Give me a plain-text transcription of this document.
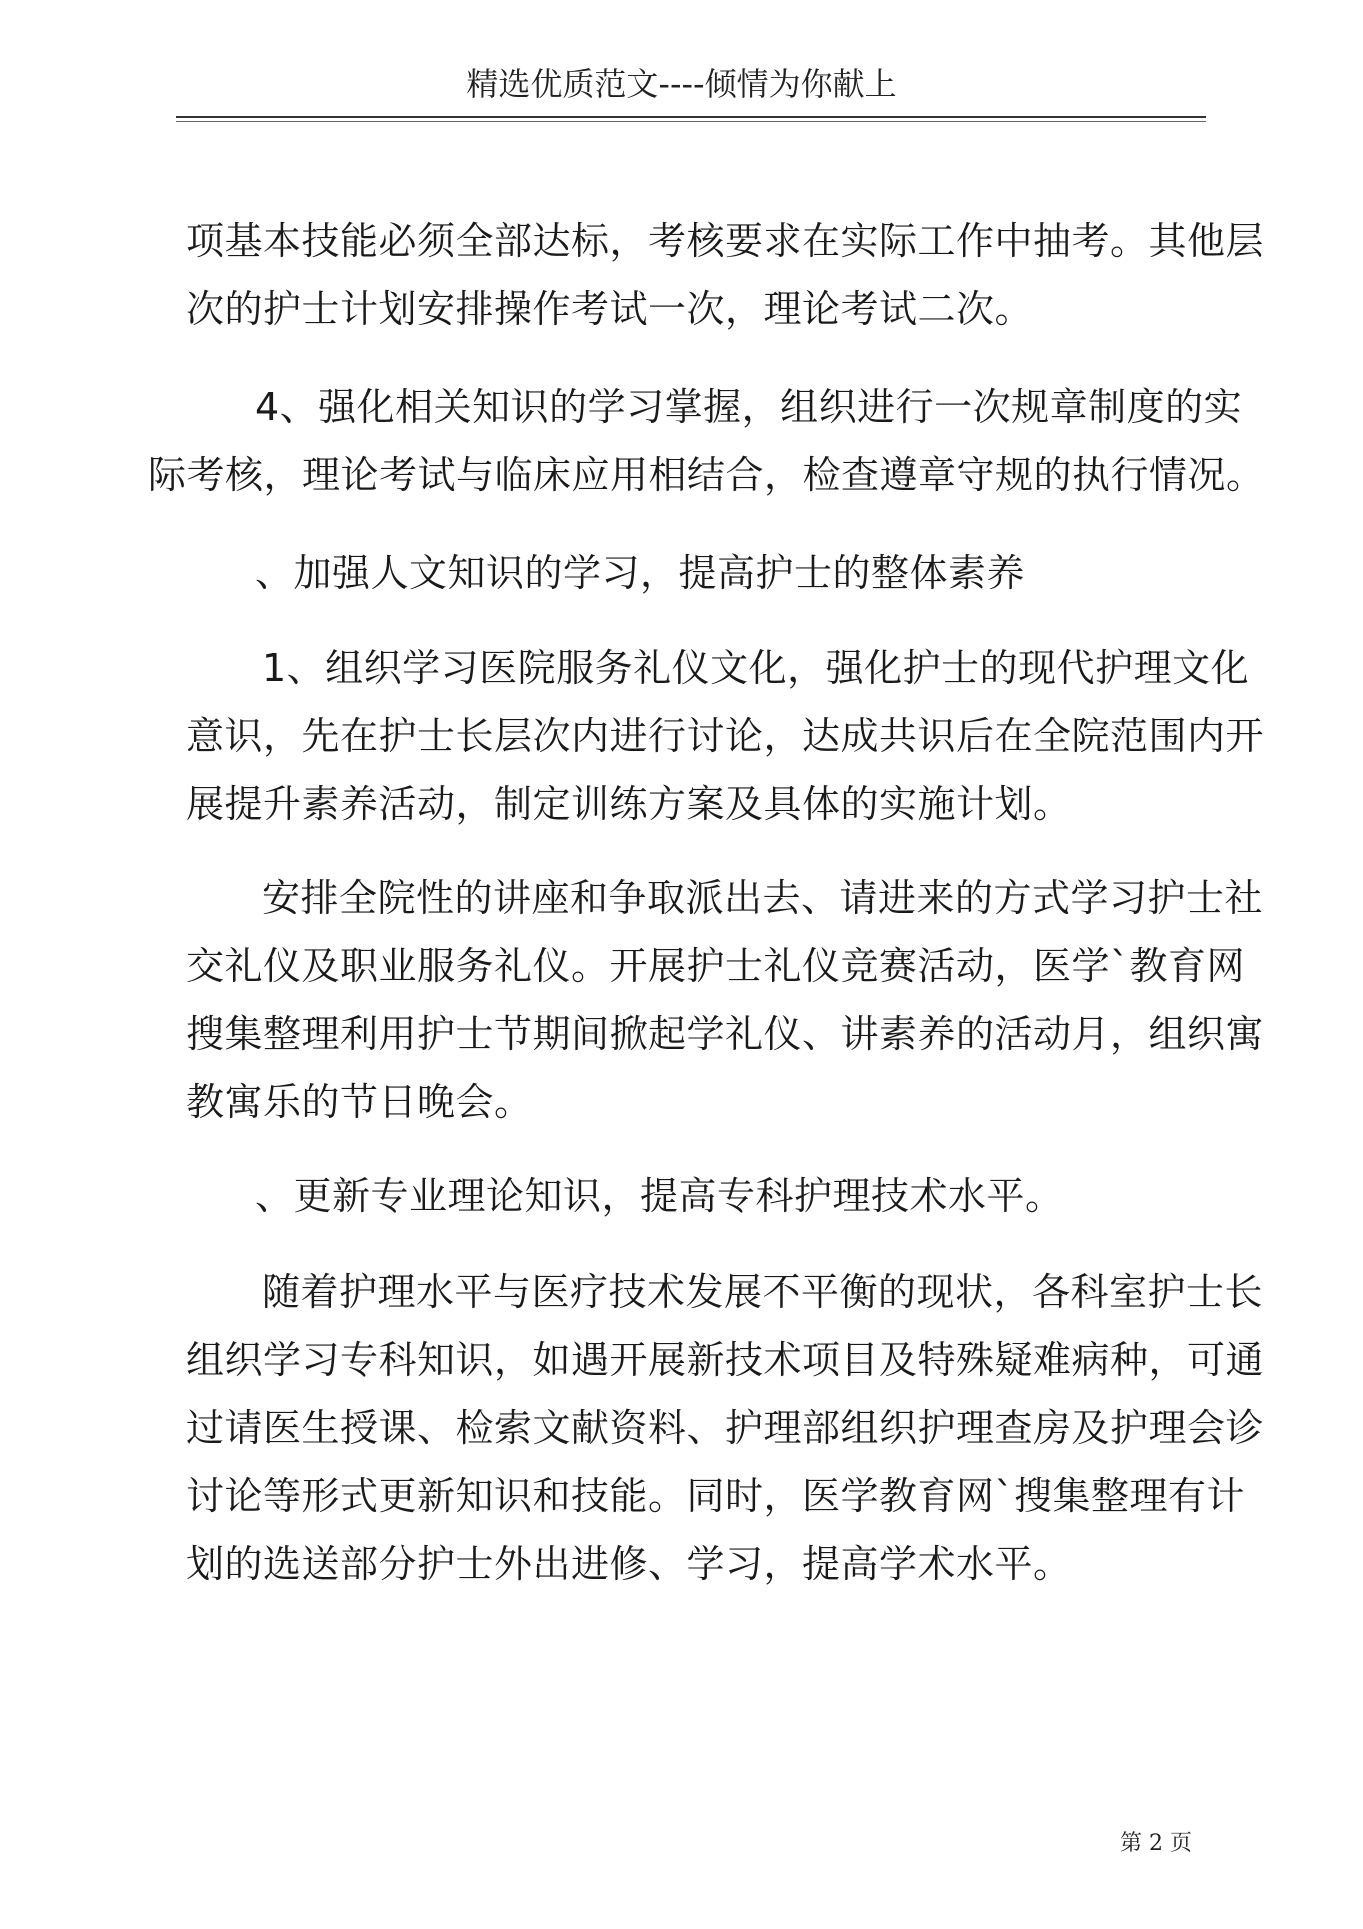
精选优质范文----倾情为你献上
项基本技能必须全部达标，考核要求在实际工作中抽考。其他层
次的护士计划安排操作考试一次，理论考试二次。
4、强化相关知识的学习掌握，组织进行一次规章制度的实
际考核，理论考试与临床应用相结合，检查遵章守规的执行情况。
、加强人文知识的学习，提高护士的整体素养
1、组织学习医院服务礼仪文化，强化护士的现代护理文化
意识，先在护士长层次内进行讨论，达成共识后在全院范围内开
展提升素养活动，制定训练方案及具体的实施计划。
安排全院性的讲座和争取派出去、请进来的方式学习护士社
交礼仪及职业服务礼仪。开展护士礼仪竞赛活动，医学`教育网
搜集整理利用护士节期间掀起学礼仪、讲素养的活动月，组织寓
教寓乐的节日晚会。
、更新专业理论知识，提高专科护理技术水平。
随着护理水平与医疗技术发展不平衡的现状，各科室护士长
组织学习专科知识，如遇开展新技术项目及特殊疑难病种，可通
过请医生授课、检索文献资料、护理部组织护理查房及护理会诊
讨论等形式更新知识和技能。同时，医学教育网`搜集整理有计
划的选送部分护士外出进修、学习，提高学术水平。
第 2 页
